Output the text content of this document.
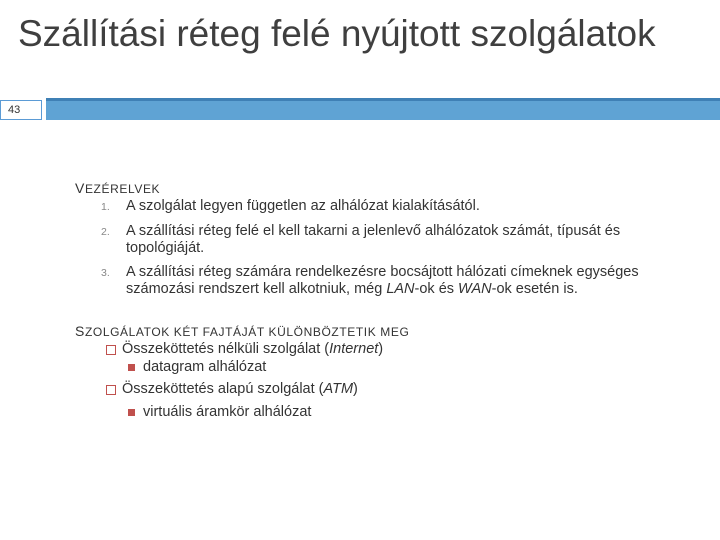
Szállítási réteg felé nyújtott szolgálatok
43
VEZÉRELVEK
1. A szolgálat legyen független az alhálózat kialakításától.
2. A szállítási réteg felé el kell takarni a jelenlevő alhálózatok számát, típusát és topológiáját.
3. A szállítási réteg számára rendelkezésre bocsájtott hálózati címeknek egységes számozási rendszert kell alkotniuk, még LAN-ok és WAN-ok esetén is.
SZOLGÁLATOK KÉT FAJTÁJÁT KÜLÖNBÖZTETIK MEG
Összeköttetés nélküli szolgálat (Internet)
datagram alhálózat
Összeköttetés alapú szolgálat (ATM)
virtuális áramkör alhálózat
